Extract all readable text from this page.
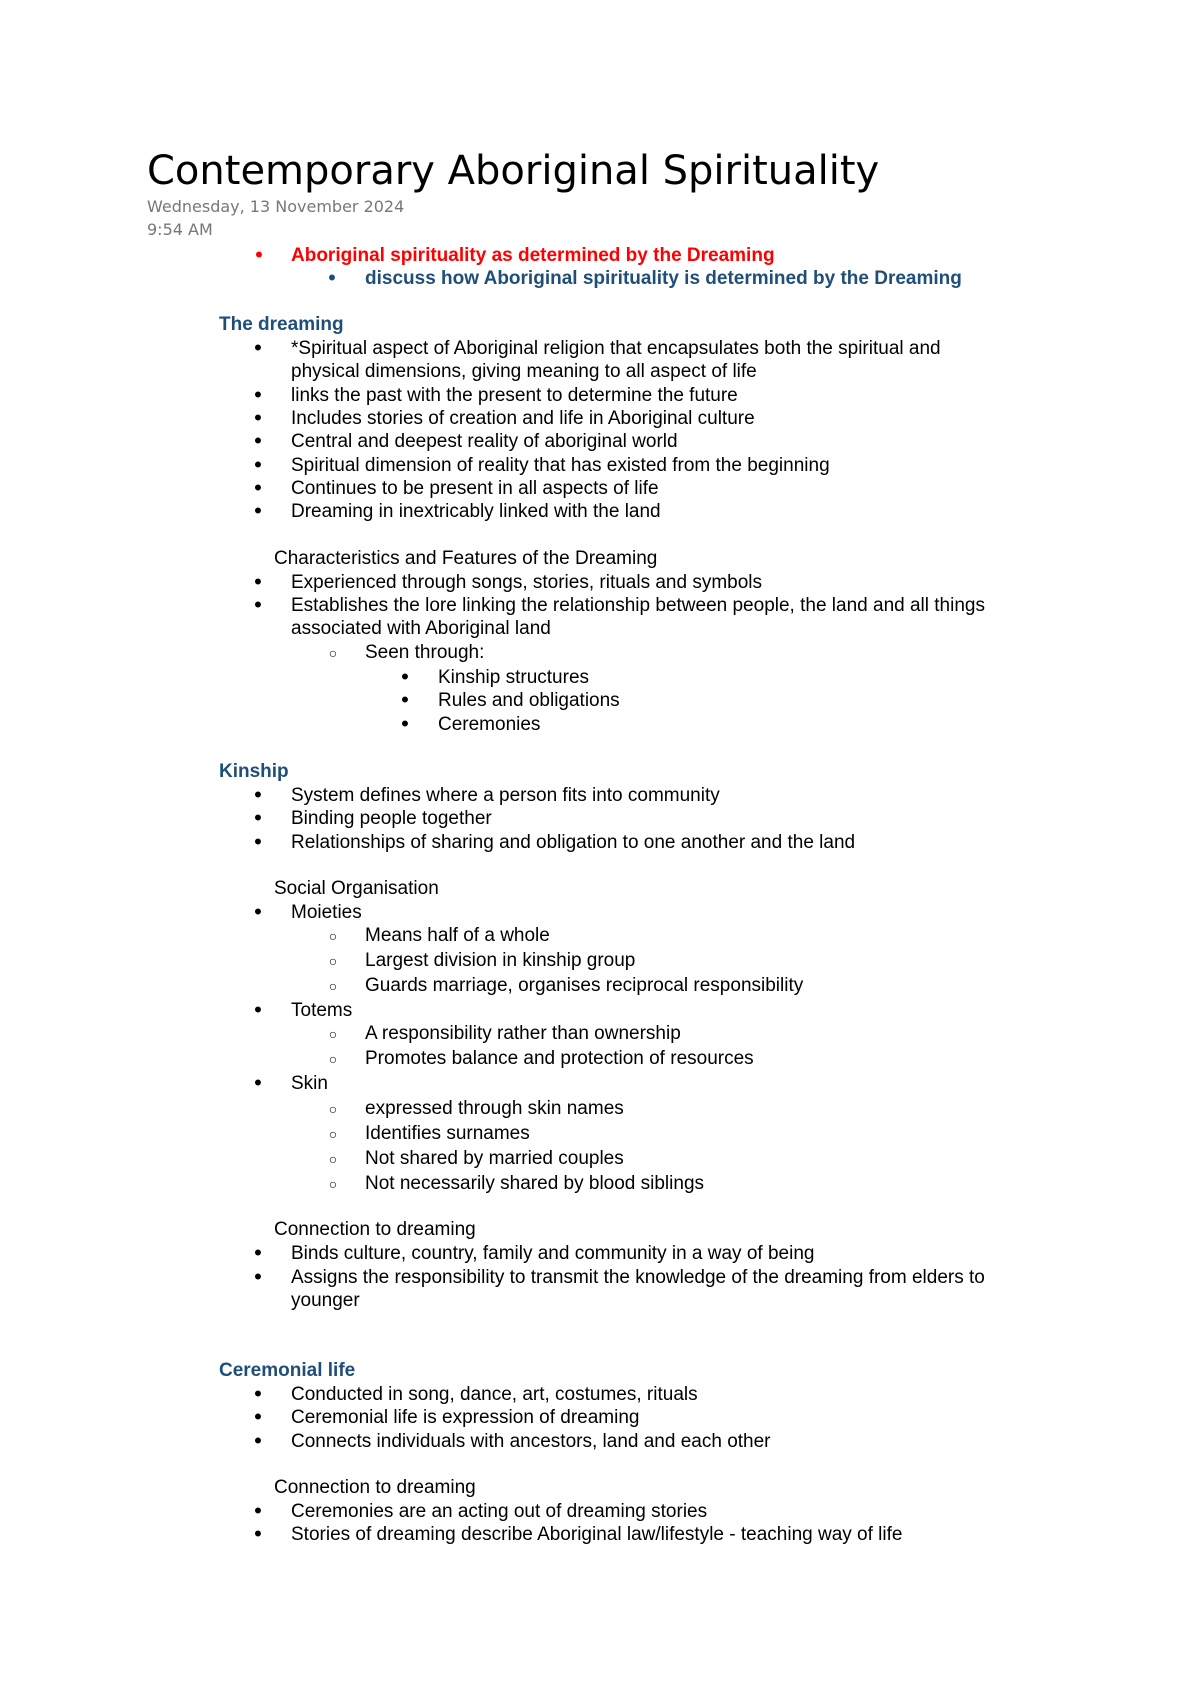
Contemporary Aboriginal Spirituality
Wednesday, 13 November 2024
9:54 AM
• Aboriginal spirituality as determined by the Dreaming
• discuss how Aboriginal spirituality is determined by the Dreaming
The dreaming
• *Spiritual aspect of Aboriginal religion that encapsulates both the spiritual and
physical dimensions, giving meaning to all aspect of life
• links the past with the present to determine the future
• Includes stories of creation and life in Aboriginal culture
• Central and deepest reality of aboriginal world
• Spiritual dimension of reality that has existed from the beginning
• Continues to be present in all aspects of life
• Dreaming in inextricably linked with the land
Characteristics and Features of the Dreaming
• Experienced through songs, stories, rituals and symbols
• Establishes the lore linking the relationship between people, the land and all things
associated with Aboriginal land
○ Seen through:
• Kinship structures
• Rules and obligations
• Ceremonies
Kinship
• System defines where a person fits into community
• Binding people together
• Relationships of sharing and obligation to one another and the land
Social Organisation
• Moieties
○ Means half of a whole
○ Largest division in kinship group
○ Guards marriage, organises reciprocal responsibility
• Totems
○ A responsibility rather than ownership
○ Promotes balance and protection of resources
• Skin
○ expressed through skin names
○ Identifies surnames
○ Not shared by married couples
○ Not necessarily shared by blood siblings
Connection to dreaming
• Binds culture, country, family and community in a way of being
• Assigns the responsibility to transmit the knowledge of the dreaming from elders to
younger
Ceremonial life
• Conducted in song, dance, art, costumes, rituals
• Ceremonial life is expression of dreaming
• Connects individuals with ancestors, land and each other
Connection to dreaming
• Ceremonies are an acting out of dreaming stories
• Stories of dreaming describe Aboriginal law/lifestyle - teaching way of life
